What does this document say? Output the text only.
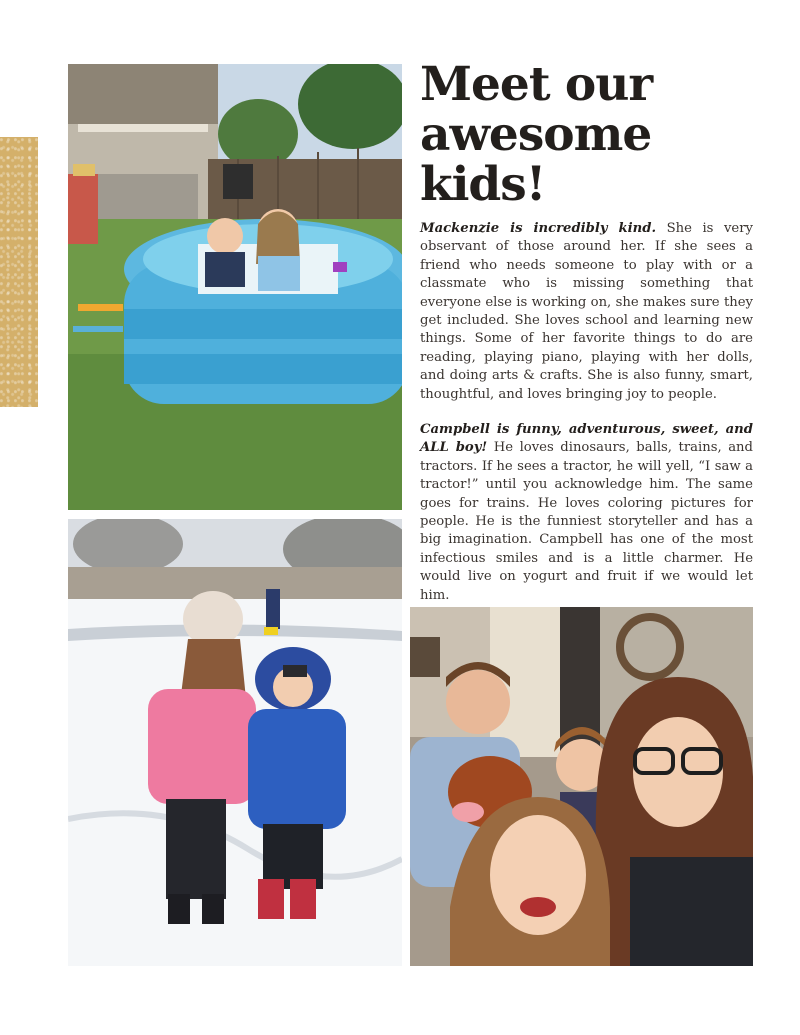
Meet our
awesome
kids!

Mackenzie is incredibly kind. She is very observant of those around her. If she sees a friend who needs someone to play with or a classmate who is missing something that everyone else is working on, she makes sure they get included. She loves school and learning new things. Some of her favorite things to do are reading, playing piano, playing with her dolls, and doing arts & crafts. She is also funny, smart, thoughtful, and loves bringing joy to people.

Campbell is funny, adventurous, sweet, and ALL boy! He loves dinosaurs, balls, trains, and tractors. If he sees a tractor, he will yell, “I saw a tractor!” until you acknowledge him. The same goes for trains. He loves coloring pictures for people. He is the funniest storyteller and has a big imagination. Campbell has one of the most infectious smiles and is a little charmer. He would live on yogurt and fruit if we would let him.
